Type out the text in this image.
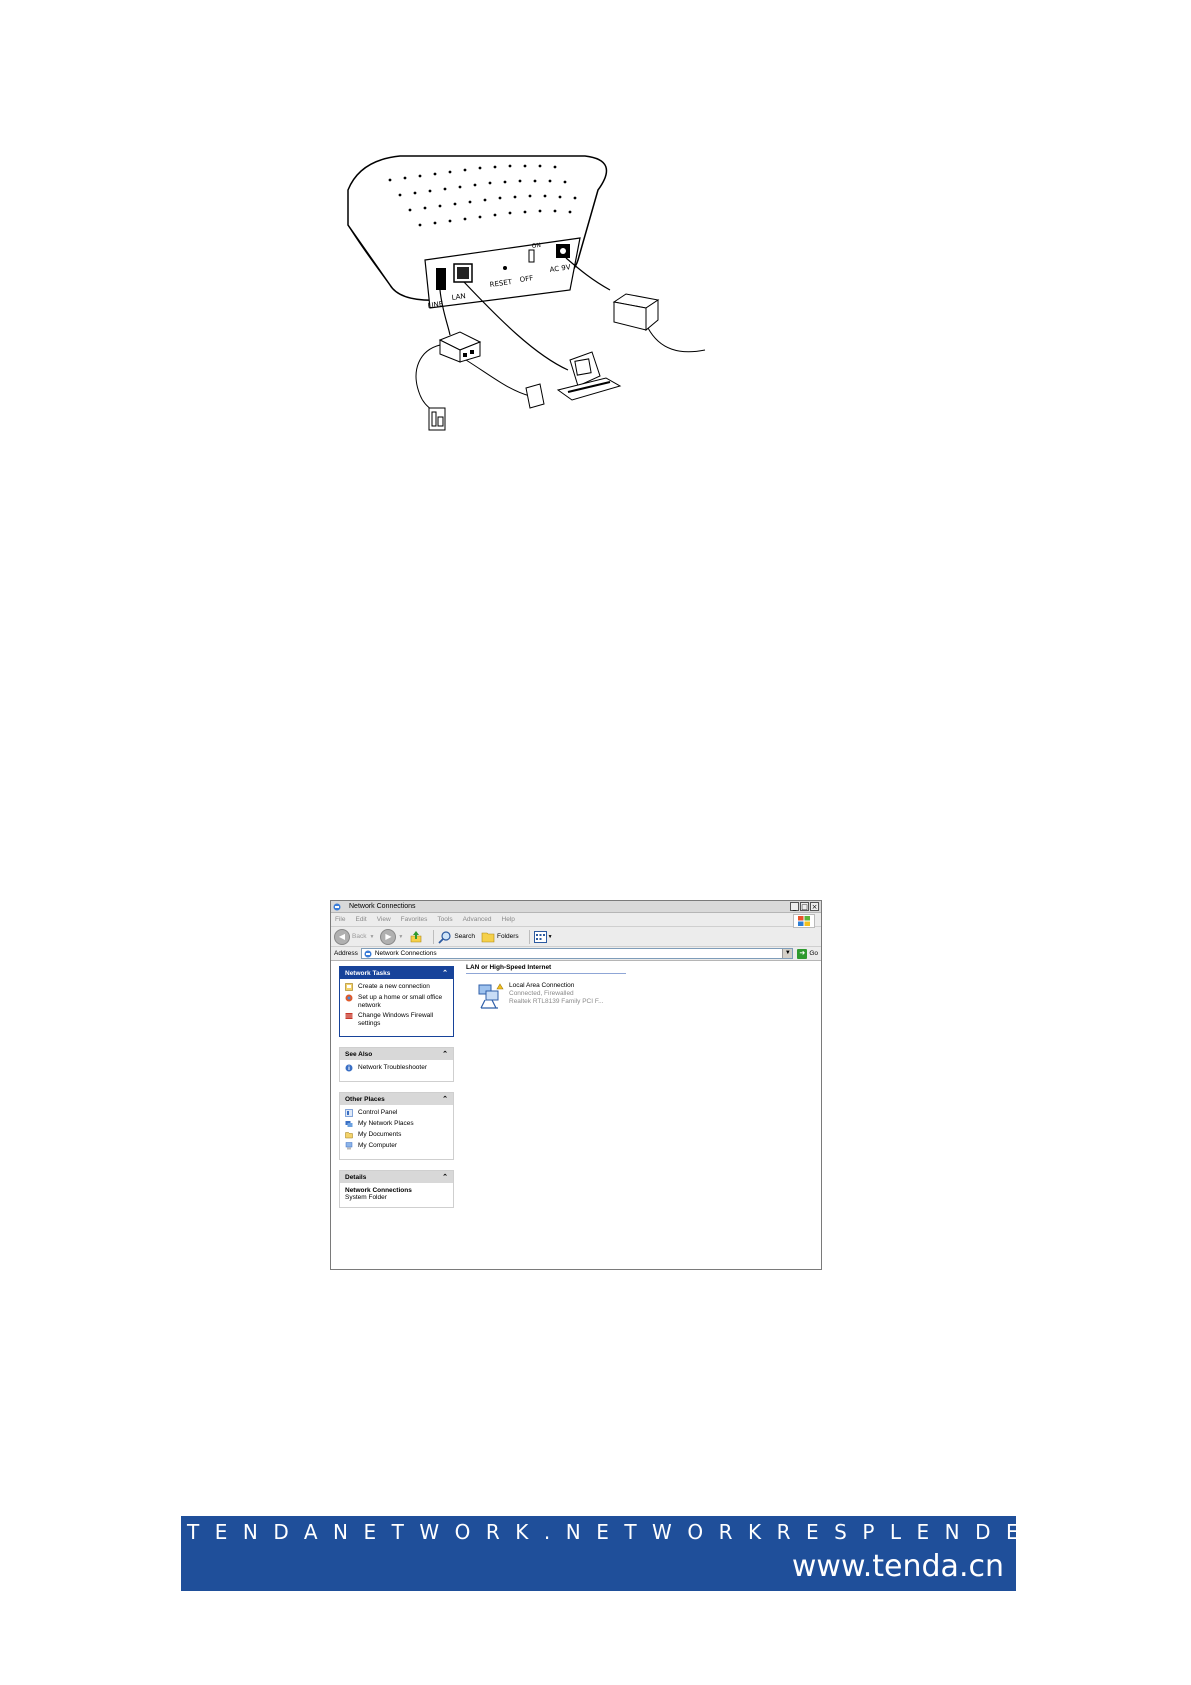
LINE
LAN
RESET OFF
ON
AC 9V
Network Connections	_ □ ×
File Edit View Favorites Tools Advanced Help
◀	Back ▼	▶	▼	Search	Folders	▼
Address	Network Connections	▼ ➜ Go
Network Tasks	⌃
Create a new connection
Set up a home or small office network
Change Windows Firewall settings
See Also	⌃
Network Troubleshooter
Other Places	⌃
Control Panel
My Network Places
My Documents
My Computer
Details	⌃
Network Connections
System Folder
LAN or High-Speed Internet
Local Area Connection
Connected, Firewalled
Realtek RTL8139 Family PCI F...
TENDANETWORK.NETWORKRESPLENDENCE
www.tenda.cn
